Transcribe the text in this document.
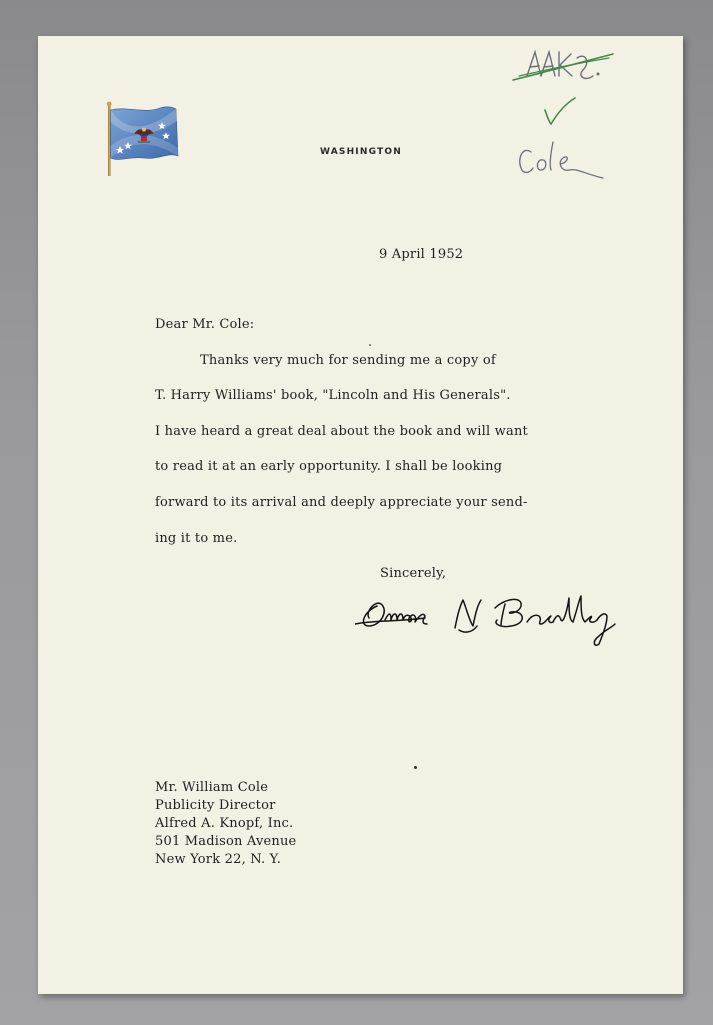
WASHINGTON
9 April 1952
Dear Mr. Cole:
Thanks very much for sending me a copy of
T. Harry Williams' book, "Lincoln and His Generals".
I have heard a great deal about the book and will want
to read it at an early opportunity. I shall be looking
forward to its arrival and deeply appreciate your send-
ing it to me.
Sincerely,
Mr. William Cole
Publicity Director
Alfred A. Knopf, Inc.
501 Madison Avenue
New York 22, N. Y.
